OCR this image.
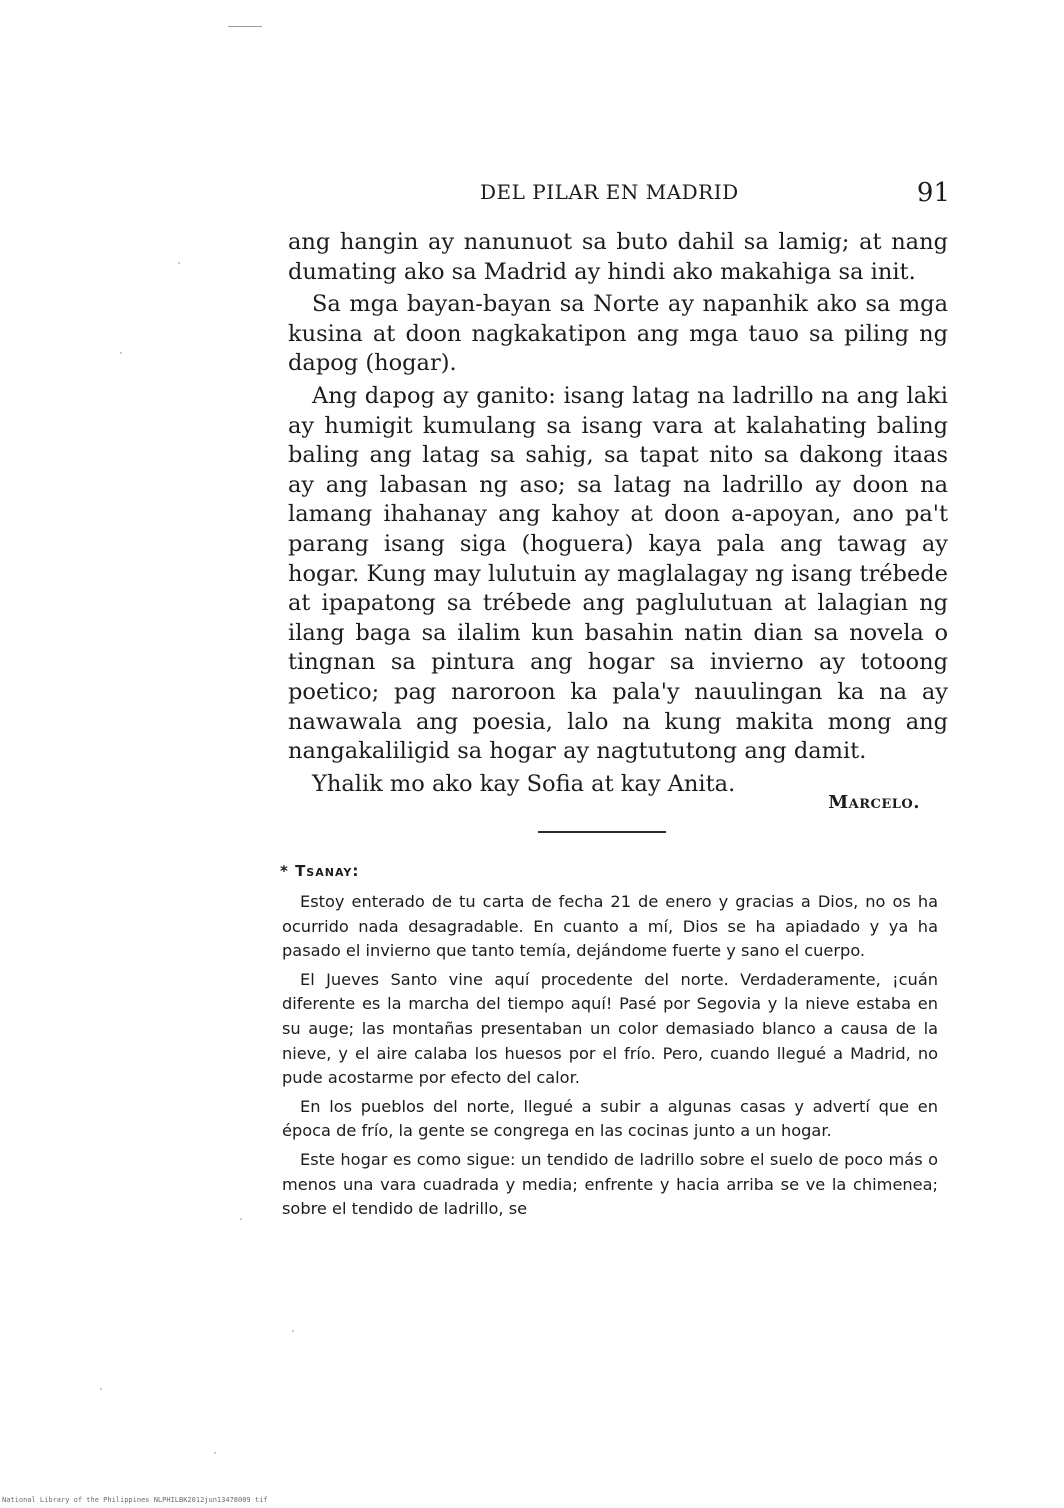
DEL PILAR EN MADRID	91

ang hangin ay nanunuot sa buto dahil sa lamig; at nang dumating ako sa Madrid ay hindi ako makahiga sa init.

Sa mga bayan-bayan sa Norte ay napanhik ako sa mga kusina at doon nagkakatipon ang mga tauo sa piling ng dapog (hogar).

Ang dapog ay ganito: isang latag na ladrillo na ang laki ay humigit kumulang sa isang vara at kalahating baling baling ang latag sa sahig, sa tapat nito sa dakong itaas ay ang labasan ng aso; sa latag na ladrillo ay doon na lamang ihahanay ang kahoy at doon a-apoyan, ano pa't parang isang siga (hoguera) kaya pala ang tawag ay hogar. Kung may lulutuin ay maglalagay ng isang trébede at ipapatong sa trébede ang paglulutuan at lalagian ng ilang baga sa ilalim kun basahin natin dian sa novela o tingnan sa pintura ang hogar sa invierno ay totoong poetico; pag naroroon ka pala'y nauulingan ka na ay nawawala ang poesia, lalo na kung makita mong ang nangakaliligid sa hogar ay nagtututong ang damit.

Yhalik mo ako kay Sofia at kay Anita.

Marcelo.
* Tsanay:

Estoy enterado de tu carta de fecha 21 de enero y gracias a Dios, no os ha ocurrido nada desagradable. En cuanto a mí, Dios se ha apiadado y ya ha pasado el invierno que tanto temía, dejándome fuerte y sano el cuerpo.

El Jueves Santo vine aquí procedente del norte. Verdaderamente, ¡cuán diferente es la marcha del tiempo aquí! Pasé por Segovia y la nieve estaba en su auge; las montañas presentaban un color demasiado blanco a causa de la nieve, y el aire calaba los huesos por el frío. Pero, cuando llegué a Madrid, no pude acostarme por efecto del calor.

En los pueblos del norte, llegué a subir a algunas casas y advertí que en época de frío, la gente se congrega en las cocinas junto a un hogar.

Este hogar es como sigue: un tendido de ladrillo sobre el suelo de poco más o menos una vara cuadrada y media; enfrente y hacia arriba se ve la chimenea; sobre el tendido de ladrillo, se

National Library of the Philippines NLPHILBK2012jun13478009 tif
